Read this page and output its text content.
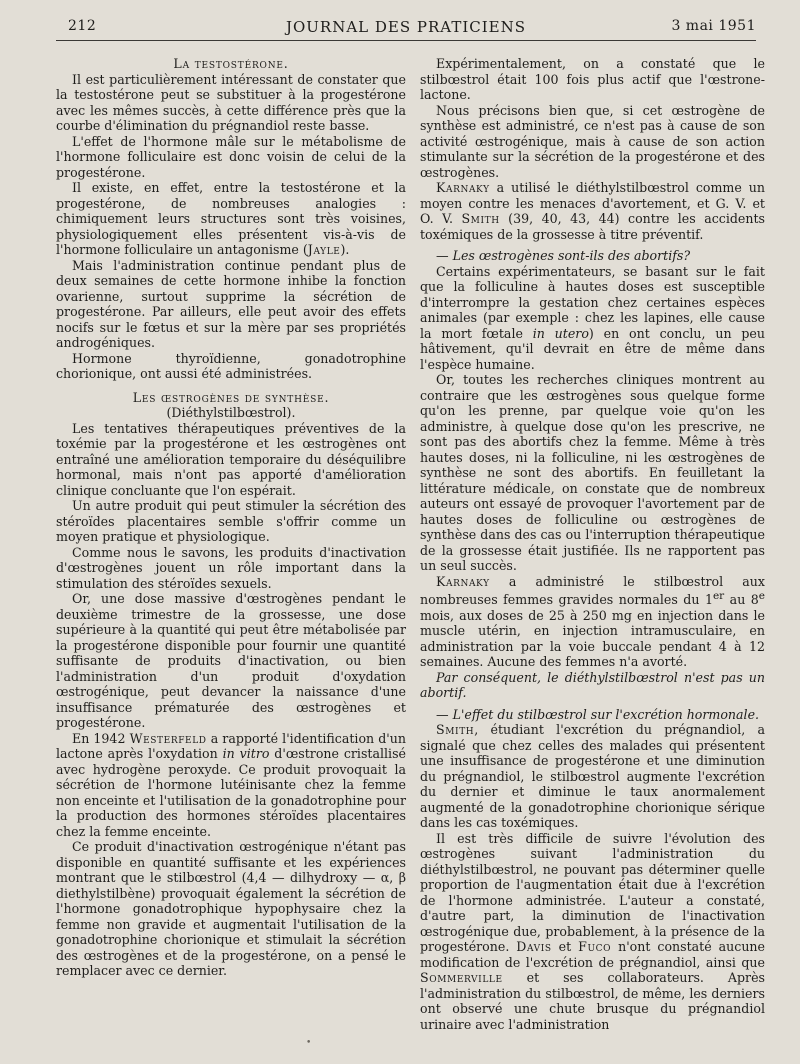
212	JOURNAL DES PRATICIENS	3 mai 1951

La testostérone.

Il est particulièrement intéressant de constater que la testostérone peut se substituer à la progestérone avec les mêmes succès, à cette différence près que la courbe d'élimination du prégnandiol reste basse.

L'effet de l'hormone mâle sur le métabolisme de l'hormone folliculaire est donc voisin de celui de la progestérone.

Il existe, en effet, entre la testostérone et la progestérone, de nombreuses analogies : chimiquement leurs structures sont très voisines, physiologiquement elles présentent vis-à-vis de l'hormone folliculaire un antagonisme (Jayle).

Mais l'administration continue pendant plus de deux semaines de cette hormone inhibe la fonction ovarienne, surtout supprime la sécrétion de progestérone. Par ailleurs, elle peut avoir des effets nocifs sur le fœtus et sur la mère par ses propriétés androgéniques.

Hormone thyroïdienne, gonadotrophine chorionique, ont aussi été administrées.

Les œstrogènes de synthèse.

(Diéthylstilbœstrol).

Les tentatives thérapeutiques préventives de la toxémie par la progestérone et les œstrogènes ont entraîné une amélioration temporaire du déséquilibre hormonal, mais n'ont pas apporté d'amélioration clinique concluante que l'on espérait.

Un autre produit qui peut stimuler la sécrétion des stéroïdes placentaires semble s'offrir comme un moyen pratique et physiologique.

Comme nous le savons, les produits d'inactivation d'œstrogènes jouent un rôle important dans la stimulation des stéroïdes sexuels.

Or, une dose massive d'œstrogènes pendant le deuxième trimestre de la grossesse, une dose supérieure à la quantité qui peut être métabolisée par la progestérone disponible pour fournir une quantité suffisante de produits d'inactivation, ou bien l'administration d'un produit d'oxydation œstrogénique, peut devancer la naissance d'une insuffisance prématurée des œstrogènes et progestérone.

En 1942 Westerfeld a rapporté l'identification d'un lactone après l'oxydation in vitro d'œstrone cristallisé avec hydrogène peroxyde. Ce produit provoquait la sécrétion de l'hormone lutéinisante chez la femme non enceinte et l'utilisation de la gonadotrophine pour la production des hormones stéroïdes placentaires chez la femme enceinte.

Ce produit d'inactivation œstrogénique n'étant pas disponible en quantité suffisante et les expériences montrant que le stilbœstrol (4,4 — dilhydroxy — α, β diethylstilbène) provoquait également la sécrétion de l'hormone gonadotrophique hypophysaire chez la femme non gravide et augmentait l'utilisation de la gonadotrophine chorionique et stimulait la sécrétion des œstrogènes et de la progestérone, on a pensé le remplacer avec ce dernier.

Expérimentalement, on a constaté que le stilbœstrol était 100 fois plus actif que l'œstrone-lactone.

Nous précisons bien que, si cet œstrogène de synthèse est administré, ce n'est pas à cause de son activité œstrogénique, mais à cause de son action stimulante sur la sécrétion de la progestérone et des œstrogènes.

Karnaky a utilisé le diéthylstilbœstrol comme un moyen contre les menaces d'avortement, et G. V. et O. V. Smith (39, 40, 43, 44) contre les accidents toxémiques de la grossesse à titre préventif.

— Les œstrogènes sont-ils des abortifs?

Certains expérimentateurs, se basant sur le fait que la folliculine à hautes doses est susceptible d'interrompre la gestation chez certaines espèces animales (par exemple : chez les lapines, elle cause la mort fœtale in utero) en ont conclu, un peu hâtivement, qu'il devrait en être de même dans l'espèce humaine.

Or, toutes les recherches cliniques montrent au contraire que les œstrogènes sous quelque forme qu'on les prenne, par quelque voie qu'on les administre, à quelque dose qu'on les prescrive, ne sont pas des abortifs chez la femme. Même à très hautes doses, ni la folliculine, ni les œstrogènes de synthèse ne sont des abortifs. En feuilletant la littérature médicale, on constate que de nombreux auteurs ont essayé de provoquer l'avortement par de hautes doses de folliculine ou œstrogènes de synthèse dans des cas ou l'interruption thérapeutique de la grossesse était justifiée. Ils ne rapportent pas un seul succès.

Karnaky a administré le stilbœstrol aux nombreuses femmes gravides normales du 1er au 8e mois, aux doses de 25 à 250 mg en injection dans le muscle utérin, en injection intramusculaire, en administration par la voie buccale pendant 4 à 12 semaines. Aucune des femmes n'a avorté.

Par conséquent, le diéthylstilbœstrol n'est pas un abortif.

— L'effet du stilbœstrol sur l'excrétion hormonale.

Smith, étudiant l'excrétion du prégnandiol, a signalé que chez celles des malades qui présentent une insuffisance de progestérone et une diminution du prégnandiol, le stilbœstrol augmente l'excrétion du dernier et diminue le taux anormalement augmenté de la gonadotrophine chorionique sérique dans les cas toxémiques.

Il est très difficile de suivre l'évolution des œstrogènes suivant l'administration du diéthylstilbœstrol, ne pouvant pas déterminer quelle proportion de l'augmentation était due à l'excrétion de l'hormone administrée. L'auteur a constaté, d'autre part, la diminution de l'inactivation œstrogénique due, probablement, à la présence de la progestérone. Davis et Fuco n'ont constaté aucune modification de l'excrétion de prégnandiol, ainsi que Sommerville et ses collaborateurs. Après l'administration du stilbœstrol, de même, les derniers ont observé une chute brusque du prégnandiol urinaire avec l'administration

•
